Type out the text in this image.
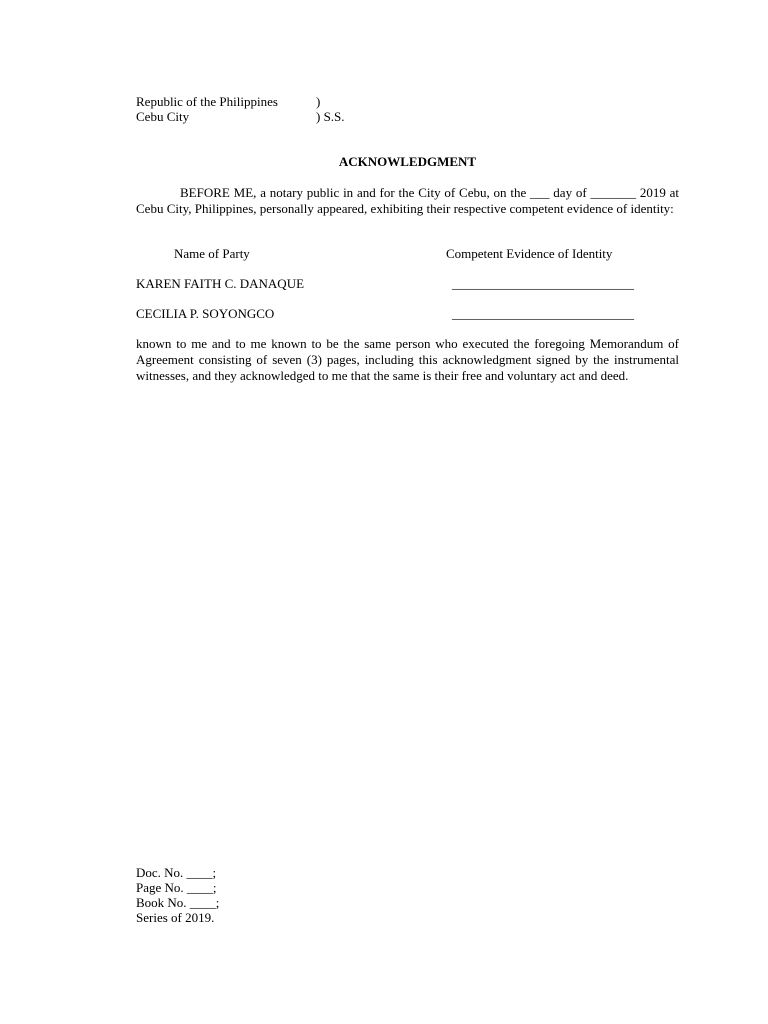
Republic of the Philippines	)
Cebu City	) S.S.
ACKNOWLEDGMENT
BEFORE ME, a notary public in and for the City of Cebu, on the ___ day of _______ 2019 at Cebu City, Philippines, personally appeared, exhibiting their respective competent evidence of identity:
Name of Party	Competent Evidence of Identity
KAREN FAITH C. DANAQUE	____________________________
CECILIA P. SOYONGCO	____________________________
known to me and to me known to be the same person who executed the foregoing Memorandum of Agreement consisting of seven (3) pages, including this acknowledgment signed by the instrumental witnesses, and they acknowledged to me that the same is their free and voluntary act and deed.
Doc. No. ____;
Page No. ____;
Book No. ____;
Series of 2019.
